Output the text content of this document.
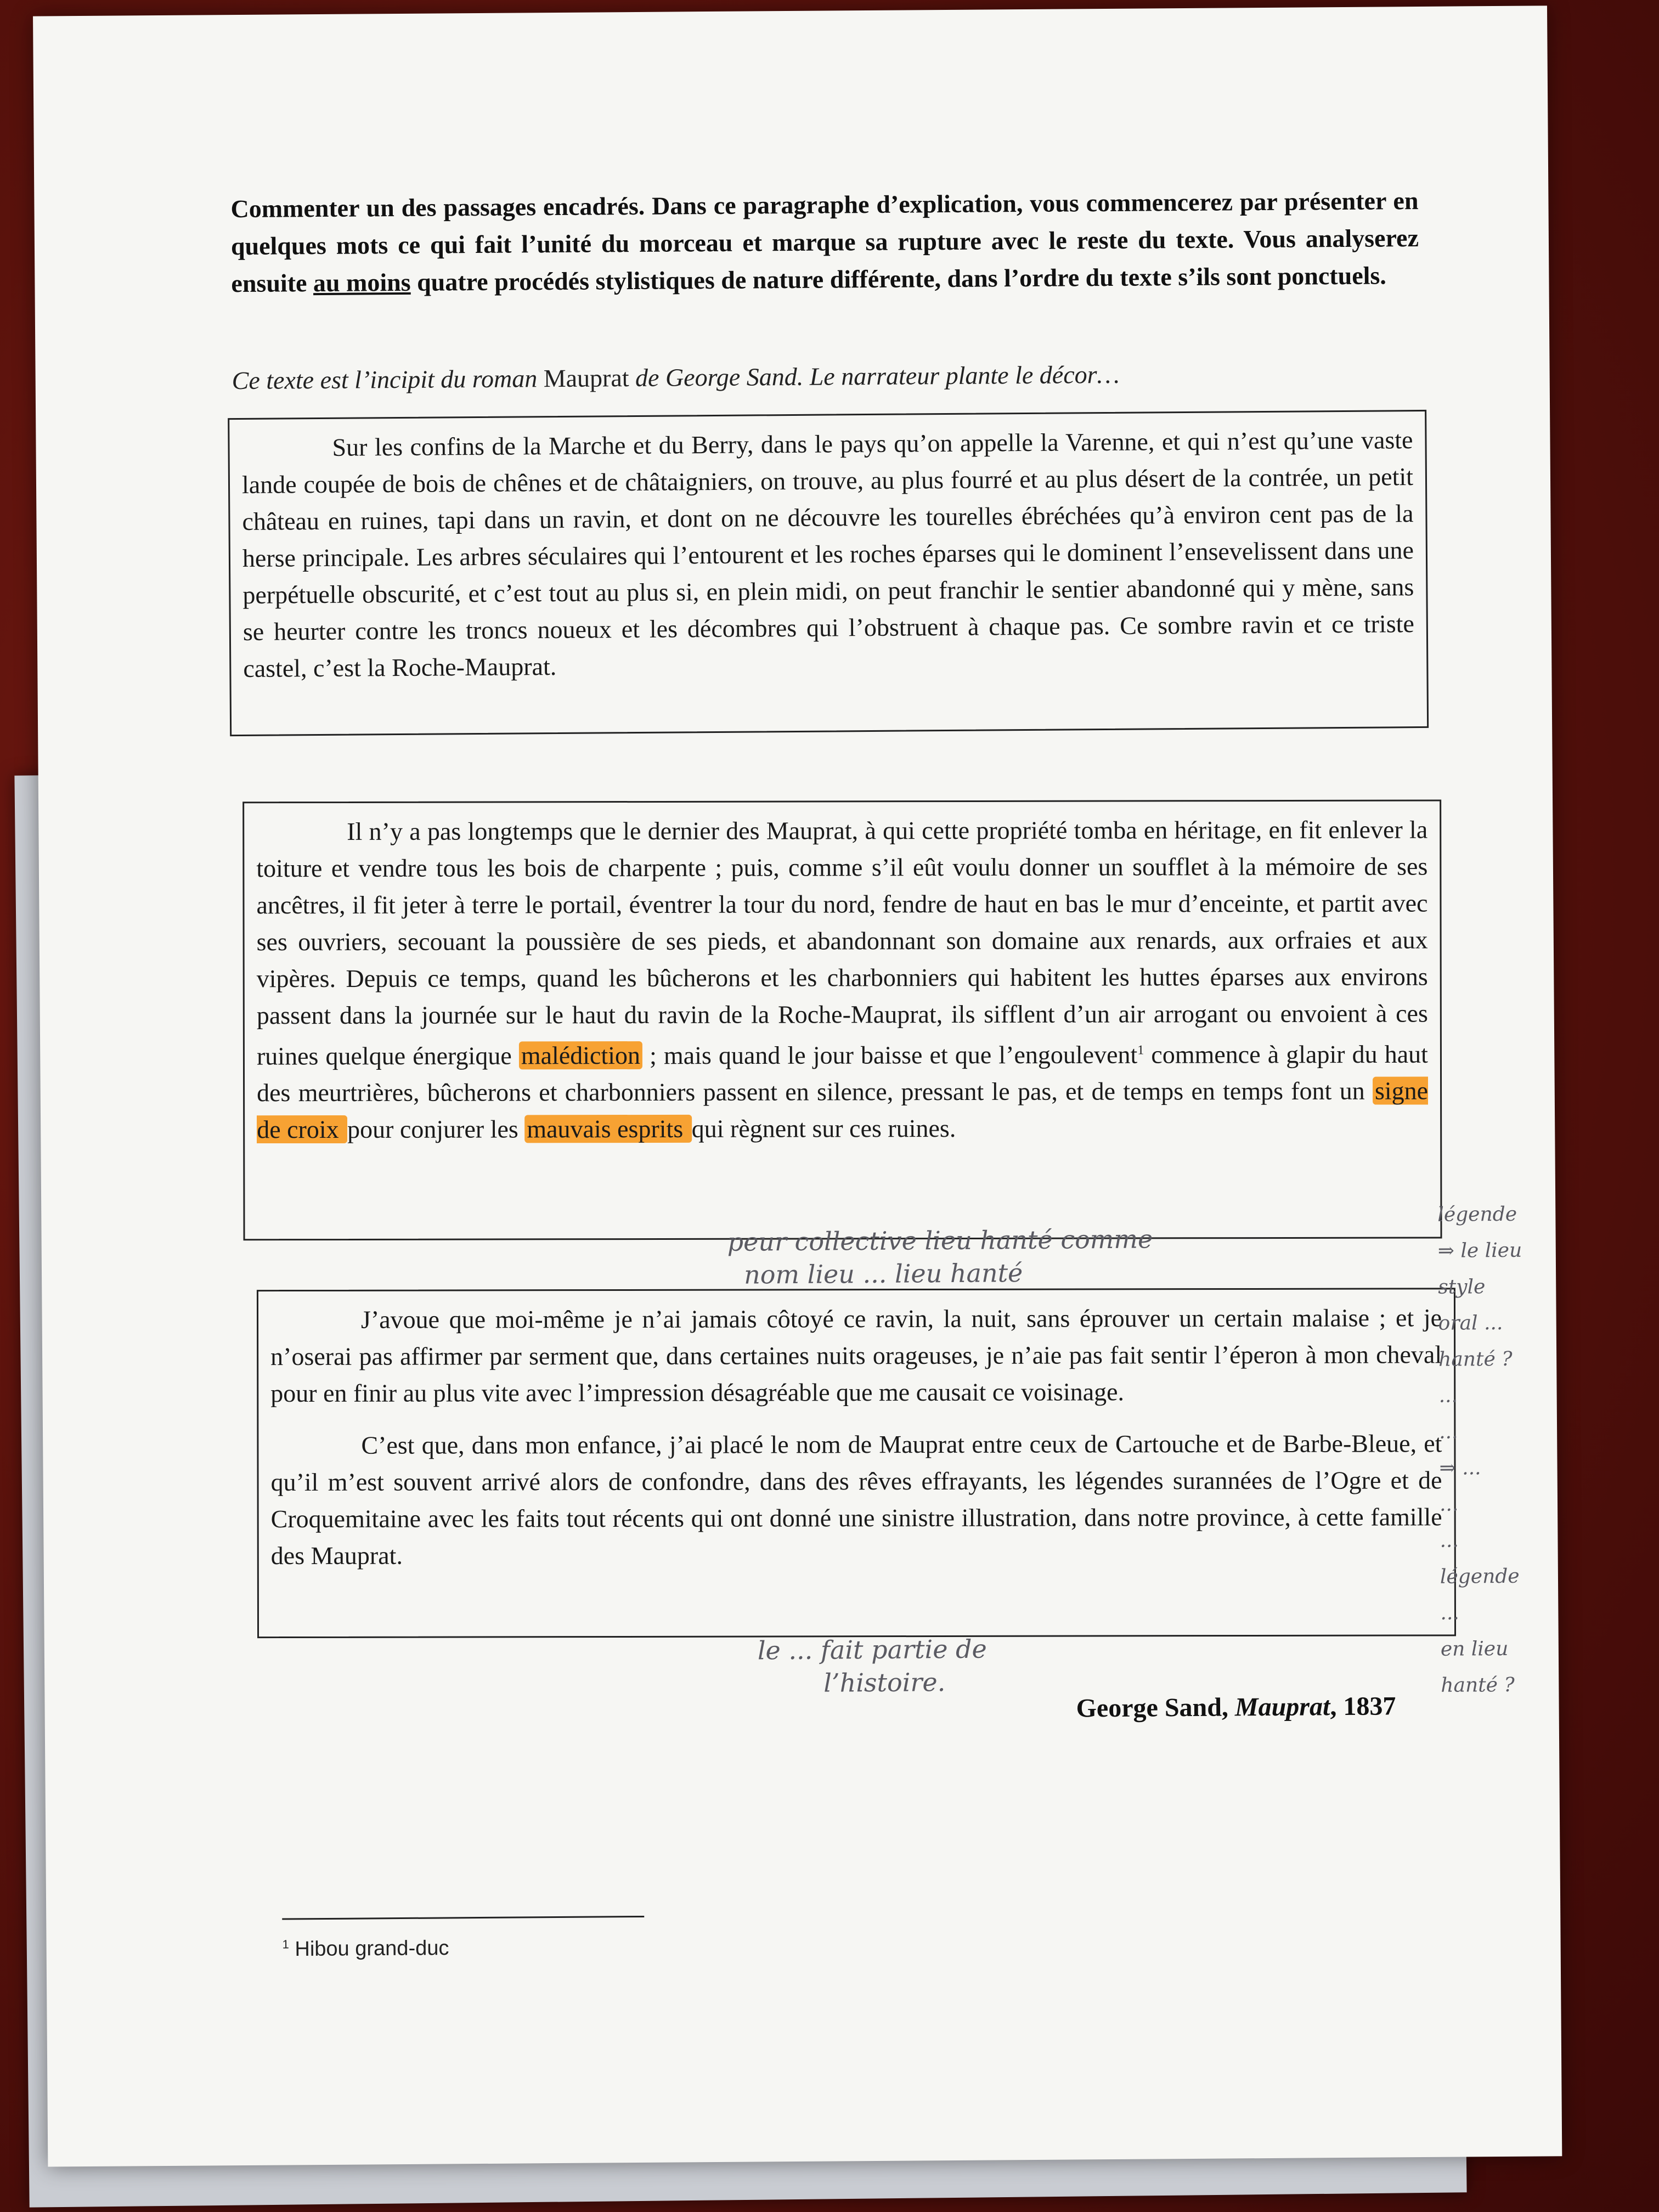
Commenter un des passages encadrés. Dans ce paragraphe d’explication, vous commencerez par présenter en quelques mots ce qui fait l’unité du morceau et marque sa rupture avec le reste du texte. Vous analyserez ensuite au moins quatre procédés stylistiques de nature différente, dans l’ordre du texte s’ils sont ponctuels.

Ce texte est l’incipit du roman Mauprat de George Sand. Le narrateur plante le décor…

Sur les confins de la Marche et du Berry, dans le pays qu’on appelle la Varenne, et qui n’est qu’une vaste lande coupée de bois de chênes et de châtaigniers, on trouve, au plus fourré et au plus désert de la contrée, un petit château en ruines, tapi dans un ravin, et dont on ne découvre les tourelles ébréchées qu’à environ cent pas de la herse principale. Les arbres séculaires qui l’entourent et les roches éparses qui le dominent l’ensevelissent dans une perpétuelle obscurité, et c’est tout au plus si, en plein midi, on peut franchir le sentier abandonné qui y mène, sans se heurter contre les troncs noueux et les décombres qui l’obstruent à chaque pas. Ce sombre ravin et ce triste castel, c’est la Roche-Mauprat.

Il n’y a pas longtemps que le dernier des Mauprat, à qui cette propriété tomba en héritage, en fit enlever la toiture et vendre tous les bois de charpente ; puis, comme s’il eût voulu donner un soufflet à la mémoire de ses ancêtres, il fit jeter à terre le portail, éventrer la tour du nord, fendre de haut en bas le mur d’enceinte, et partit avec ses ouvriers, secouant la poussière de ses pieds, et abandonnant son domaine aux renards, aux orfraies et aux vipères. Depuis ce temps, quand les bûcherons et les charbonniers qui habitent les huttes éparses aux environs passent dans la journée sur le haut du ravin de la Roche-Mauprat, ils sifflent d’un air arrogant ou envoient à ces ruines quelque énergique malédiction ; mais quand le jour baisse et que l’engoulevent$^1$ commence à glapir du haut des meurtrières, bûcherons et charbonniers passent en silence, pressant le pas, et de temps en temps font un signe de croix pour conjurer les mauvais esprits qui règnent sur ces ruines.

peur collective lieu hanté comme
nom lieu ... lieu hanté

J’avoue que moi-même je n’ai jamais côtoyé ce ravin, la nuit, sans éprouver un certain malaise ; et je n’oserai pas affirmer par serment que, dans certaines nuits orageuses, je n’aie pas fait sentir l’éperon à mon cheval pour en finir au plus vite avec l’impression désagréable que me causait ce voisinage.

C’est que, dans mon enfance, j’ai placé le nom de Mauprat entre ceux de Cartouche et de Barbe-Bleue, et qu’il m’est souvent arrivé alors de confondre, dans des rêves effrayants, les légendes surannées de l’Ogre et de Croquemitaine avec les faits tout récents qui ont donné une sinistre illustration, dans notre province, à cette famille des Mauprat.

légende
⇒ le lieu
style
oral ...
hanté ?
...
...
⇒ ...
...
...
légende
...
en lieu
hanté ?
le ... fait partie de
l’histoire.

George Sand, Mauprat, 1837

$^1$ Hibou grand-duc
